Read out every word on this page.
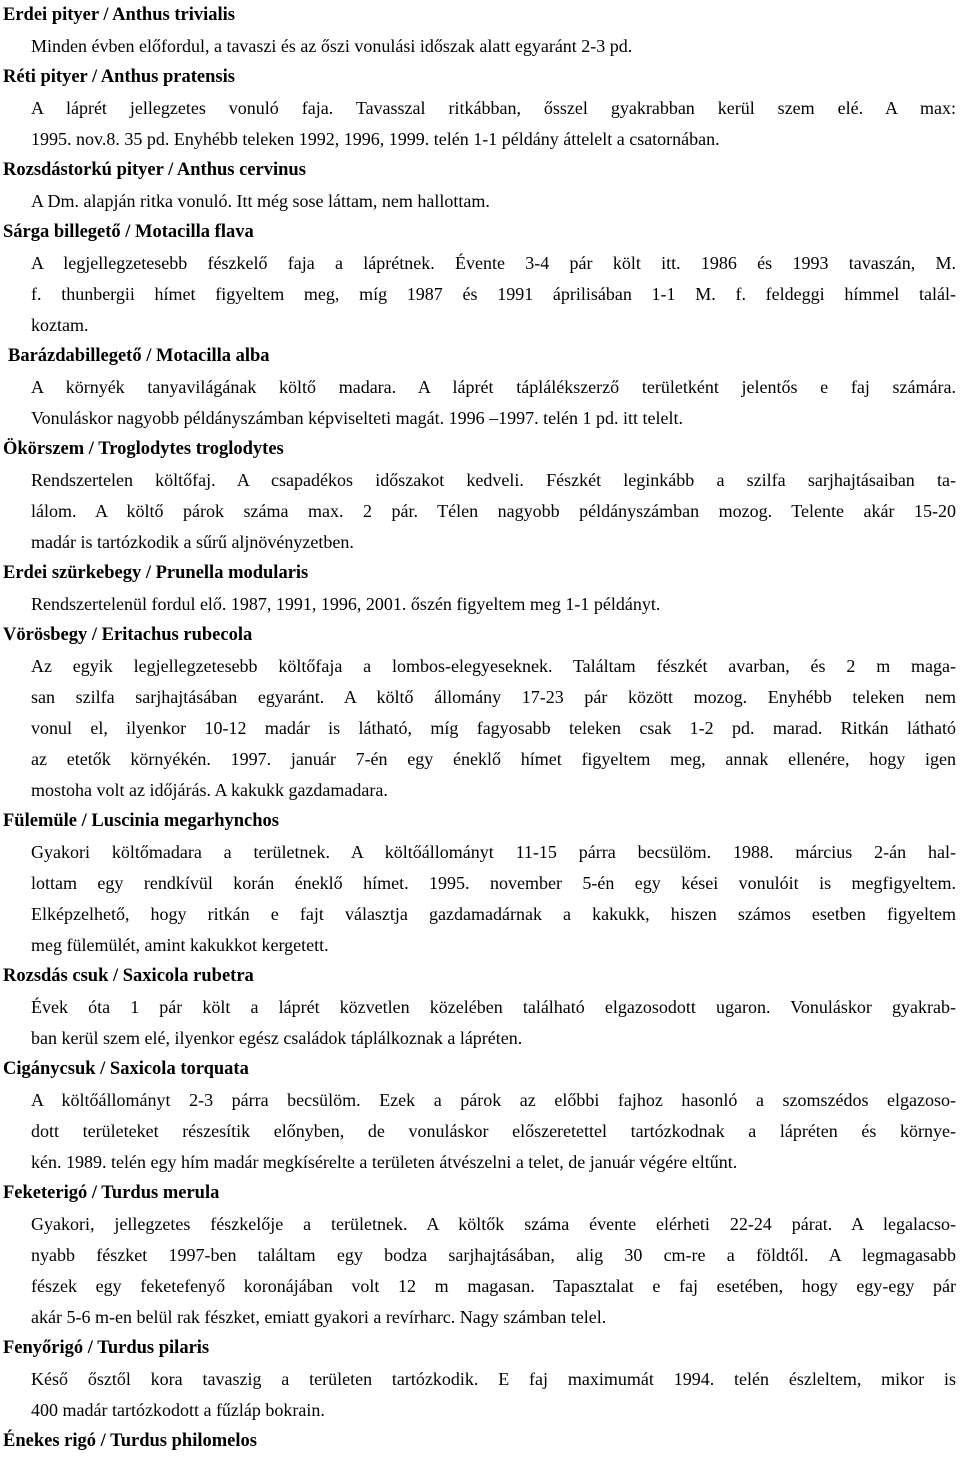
Erdei pityer / Anthus trivialis
Minden évben előfordul, a tavaszi és az őszi vonulási időszak alatt egyaránt 2-3 pd.
Réti pityer / Anthus pratensis
A láprét jellegzetes vonuló faja. Tavasszal ritkábban, ősszel gyakrabban kerül szem elé. A max:
1995. nov.8. 35 pd. Enyhébb teleken 1992, 1996, 1999. telén 1-1 példány áttelelt a csatornában.
Rozsdástorkú pityer / Anthus cervinus
A Dm. alapján ritka vonuló. Itt még sose láttam, nem hallottam.
Sárga billegető / Motacilla flava
A legjellegzetesebb fészkelő faja a láprétnek. Évente 3-4 pár költ itt. 1986 és 1993 tavaszán, M.
f. thunbergii hímet figyeltem meg, míg 1987 és 1991 áprilisában 1-1 M. f. feldeggi hímmel talál-
koztam.
Barázdabillegető / Motacilla alba
A környék tanyavilágának költő madara. A láprét táplálékszerző területként jelentős e faj számára.
Vonuláskor nagyobb példányszámban képviselteti magát. 1996 –1997. telén 1 pd. itt telelt.
Ökörszem / Troglodytes troglodytes
Rendszertelen költőfaj. A csapadékos időszakot kedveli. Fészkét leginkább a szilfa sarjhajtásaiban ta-
lálom. A költő párok száma max. 2 pár. Télen nagyobb példányszámban mozog. Telente akár 15-20
madár is tartózkodik a sűrű aljnövényzetben.
Erdei szürkebegy / Prunella modularis
Rendszertelenül fordul elő. 1987, 1991, 1996, 2001. őszén figyeltem meg 1-1 példányt.
Vörösbegy / Eritachus rubecola
Az egyik legjellegzetesebb költőfaja a lombos-elegyeseknek. Találtam fészkét avarban, és 2 m maga-
san szilfa sarjhajtásában egyaránt. A költő állomány 17-23 pár között mozog. Enyhébb teleken nem
vonul el, ilyenkor 10-12 madár is látható, míg fagyosabb teleken csak 1-2 pd. marad. Ritkán látható
az etetők környékén. 1997. január 7-én egy éneklő hímet figyeltem meg, annak ellenére, hogy igen
mostoha volt az időjárás. A kakukk gazdamadara.
Fülemüle / Luscinia megarhynchos
Gyakori költőmadara a területnek. A költőállományt 11-15 párra becsülöm. 1988. március 2-án hal-
lottam egy rendkívül korán éneklő hímet. 1995. november 5-én egy kései vonulóit is megfigyeltem.
Elképzelhető, hogy ritkán e fajt választja gazdamadárnak a kakukk, hiszen számos esetben figyeltem
meg fülemülét, amint kakukkot kergetett.
Rozsdás csuk / Saxicola rubetra
Évek óta 1 pár költ a láprét közvetlen közelében található elgazosodott ugaron. Vonuláskor gyakrab-
ban kerül szem elé, ilyenkor egész családok táplálkoznak a lápréten.
Cigánycsuk / Saxicola torquata
A költőállományt 2-3 párra becsülöm. Ezek a párok az előbbi fajhoz hasonló a szomszédos elgazoso-
dott területeket részesítik előnyben, de vonuláskor előszeretettel tartózkodnak a lápréten és környe-
kén. 1989. telén egy hím madár megkísérelte a területen átvészelni a telet, de január végére eltűnt.
Feketerigó / Turdus merula
Gyakori, jellegzetes fészkelője a területnek. A költők száma évente elérheti 22-24 párat. A legalacso-
nyabb fészket 1997-ben találtam egy bodza sarjhajtásában, alig 30 cm-re a földtől. A legmagasabb
fészek egy feketefenyő koronájában volt 12 m magasan. Tapasztalat e faj esetében, hogy egy-egy pár
akár 5-6 m-en belül rak fészket, emiatt gyakori a revírharc. Nagy számban telel.
Fenyőrigó / Turdus pilaris
Késő ősztől kora tavaszig a területen tartózkodik. E faj maximumát 1994. telén észleltem, mikor is
400 madár tartózkodott a fűzláp bokrain.
Énekes rigó / Turdus philomelos
